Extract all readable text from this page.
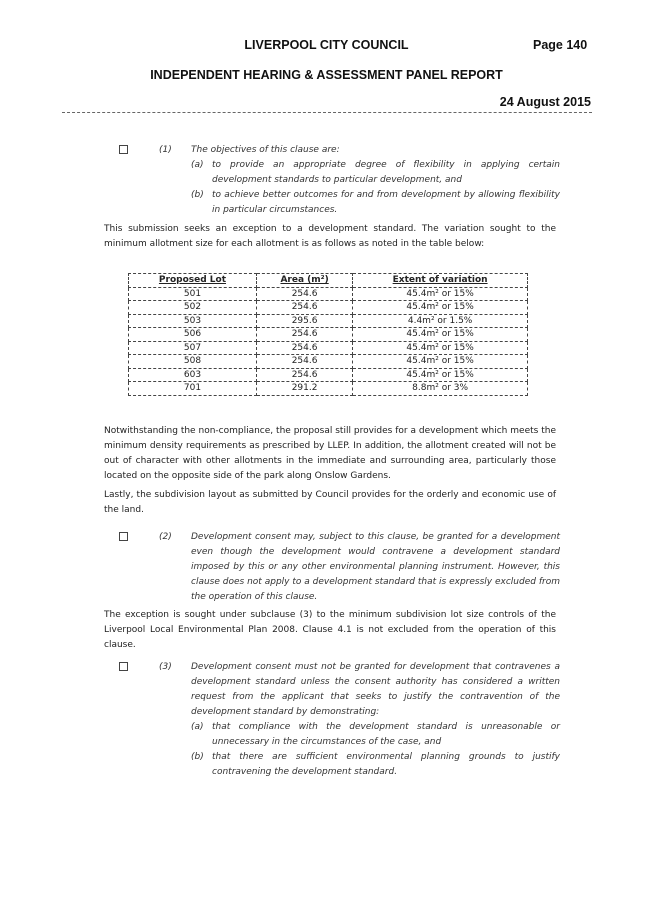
LIVERPOOL CITY COUNCIL	Page 140
INDEPENDENT HEARING & ASSESSMENT PANEL REPORT
24 August 2015
(1) The objectives of this clause are:
(a) to provide an appropriate degree of flexibility in applying certain development standards to particular development, and
(b) to achieve better outcomes for and from development by allowing flexibility in particular circumstances.
This submission seeks an exception to a development standard. The variation sought to the minimum allotment size for each allotment is as follows as noted in the table below:
Proposed Lot	Area (m²)	Extent of variation
501	254.6	45.4m² or 15%
502	254.6	45.4m² or 15%
503	295.6	4.4m² or 1.5%
506	254.6	45.4m² or 15%
507	254.6	45.4m² or 15%
508	254.6	45.4m² or 15%
603	254.6	45.4m² or 15%
701	291.2	8.8m² or 3%
Notwithstanding the non-compliance, the proposal still provides for a development which meets the minimum density requirements as prescribed by LLEP. In addition, the allotment created will not be out of character with other allotments in the immediate and surrounding area, particularly those located on the opposite side of the park along Onslow Gardens.
Lastly, the subdivision layout as submitted by Council provides for the orderly and economic use of the land.
(2) Development consent may, subject to this clause, be granted for a development even though the development would contravene a development standard imposed by this or any other environmental planning instrument. However, this clause does not apply to a development standard that is expressly excluded from the operation of this clause.
The exception is sought under subclause (3) to the minimum subdivision lot size controls of the Liverpool Local Environmental Plan 2008. Clause 4.1 is not excluded from the operation of this clause.
(3) Development consent must not be granted for development that contravenes a development standard unless the consent authority has considered a written request from the applicant that seeks to justify the contravention of the development standard by demonstrating:
(a) that compliance with the development standard is unreasonable or unnecessary in the circumstances of the case, and
(b) that there are sufficient environmental planning grounds to justify contravening the development standard.
